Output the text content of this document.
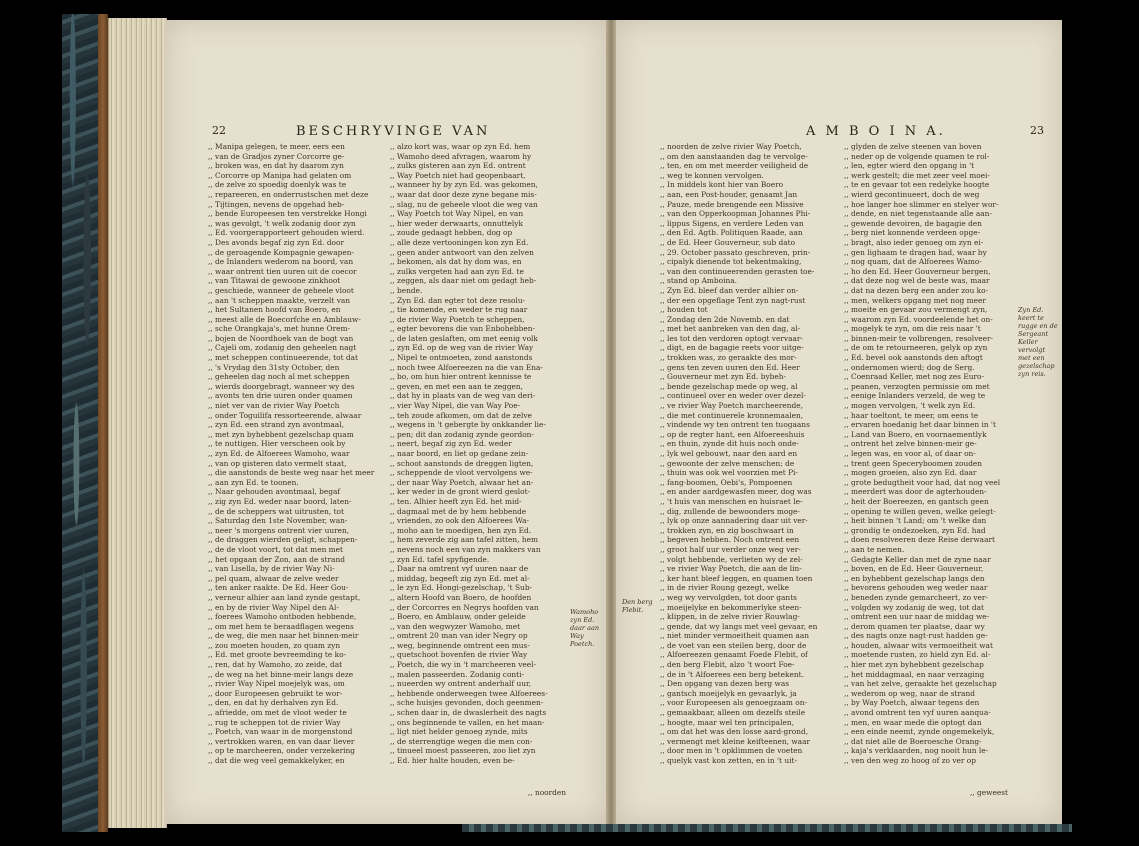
22	BESCHRYVINGE VAN

,, Manipa gelegen, te meer, eers een

,, van de Gradjos zyner Corcorre ge-

,, broken was, en dat hy daarom zyn

,, Corcorre op Manipa had gelaten om

,, de zelve zo spoedig doenlyk was te

,, repareeren, en onderrustschen met deze

,, Tijtingen, nevens de opgehad heb-

,, bende Europeesen ten verstrekke Hongi

,, was gevolgt, 't welk zodanig door zyn

,, Ed. voorgerapporteert gehouden wierd.

,, Des avonds begaf zig zyn Ed. door

,, de geroagende Kompagnie gewapen-

,, de Inlanders wederom na boord, van

,, waar ontrent tien uuren uit de coecor

,, van Titawai de gewoone zinkhoot

,, geschiede, wanneer de geheele vloot

,, aan 't scheppen maakte, verzelt van

,, het Sultanen hoofd van Boero, en

,, meest alle de Boecorfche en Amblauw-

,, sche Orangkaja's, met hunne Orem-

,, bojen de Noordhoek van de bogt van

,, Cajeli om, zodanig den geheelen nagt

,, met scheppen continueerende, tot dat

,, 's Vrydag den 31sty October, den

,, geheelen dag noch al met scheppen

,, wierds doorgebragt, wanneer wy des

,, avonts ten drie uuren onder quamen

,, niet ver van de rivier Way Poetch

,, onder Toguilifa ressorteerende, alwaar

,, zyn Ed. een strand zyn avontmaal,

,, met zyn byhebbent gezelschap quam

,, te nuttigen. Hier verscheen ook by

,, zyn Ed. de Alfoerees Wamoho, waar

,, van op gisteren dato vermelt staat,

,, die aanstonds de beste weg naar het meer

,, aan zyn Ed. te toonen.

,, Naar gehouden avontmaal, begaf

,, zig zyn Ed. weder naar boord, laten-

,, de de scheppers wat uitrusten, tot

,, Saturdag den 1ste November, wan-

,, neer 's morgens ontrent vier uuren,

,, de draggen wierden geligt, schappen-

,, de de vloot voort, tot dat men met

,, het opgaan der Zon, aan de strand

,, van Lisella, by de rivier Way Ni-

,, pel quam, alwaar de zelve weder

,, ten anker raakte. De Ed. Heer Gou-

,, verneur alhier aan land zynde gestapt,

,, en by de rivier Way Nipel den Al-

,, foerees Wamoho ontboden hebbende,

,, om met hem te beraadflagen wegens

,, de weg, die men naar het binnen-meir

,, zou moeten houden, zo quam zyn

,, Ed. met groote bevreemding te ko-

,, ren, dat hy Wamoho, zo zeide, dat

,, de weg na het binne-meir langs deze

,, rivier Way Nipel moejelyk was, om

,, door Europeesen gebruikt te wor-

,, den, en dat hy derhalven zyn Ed.

,, afriedde, om met de vloot weder te

,, rug te scheppen tot de rivier Way

,, Poetch, van waar in de morgenstond

,, vertrokken waren, en van daar liever

,, op te marcheeren, onder verzekering

,, dat die weg veel gemakkelyker, en

,, alzo kort was, waar op zyn Ed. hem

,, Wamoho deed afvragen, waarom hy

,, zulks gisteren aan zyn Ed. ontrent

,, Way Poetch niet had geopenbaart,

,, wanneer hy by zyn Ed. was gekomen,

,, waar dat door deze zyne begane mis-

,, slag, nu de geheele vloot die weg van

,, Way Poetch tot Way Nipel, en van

,, hier weder derwaarts, onnuttelyk

,, zoude gedaagt hebben, dog op

,, alle deze vertooningen kon zyn Ed.

,, geen ander antwoort van den zelven

,, bekomen, als dat hy dom was, en

,, zulks vergeten had aan zyn Ed. te

,, zeggen, als daar niet om gedagt heb-

,, bende.

,, Zyn Ed. dan egter tot deze resolu-

,, tie komende, en weder te rug naar

,, de rivier Way Poetch te scheppen,

,, egter bevorens die van Enbohebben-

,, de laten geslaften, om met eenig volk

,, zyn Ed. op de weg van de rivier Way

,, Nipel te ontmoeten, zond aanstonds

,, noch twee Alfoereezen na die van Ena-

,, bo, om hun hier ontrent kennisse te

,, geven, en met een aan te zeggen,

,, dat hy in plaats van de weg van deri-

,, vier Way Nipel, die van Way Poe-

,, teh zoude afkomen, om dat de zelve

,, wegens in 't gebergte by onkkander lie-

,, pen; dit dan zodanig zynde geordon-

,, neert, begaf zig zyn Ed. weder

,, naar boord, en liet op gedane zein-

,, schoot aanstonds de dreggen ligten,

,, scheppende de vloot vervolgens we-

,, der naar Way Poetch, alwaar het an-

,, ker weder in de gront wierd geslot-

,, ten. Alhier heeft zyn Ed. het mid-

,, dagmaal met de by hem hebbende

,, vrienden, zo ook den Alfoerees Wa-

,, moho aan te moedigen, hen zyn Ed.

,, hem zeverde zig aan tafel zitten, hem

,, nevens noch een van zyn makkers van

,, zyn Ed. tafel spyfigende.

,, Daar na omtrent vyf uuren naar de

,, middag, begeeft zig zyn Ed. met al-

,, le zyn Ed. Hongi-gezelschap, 't Sub-

,, altern Hoofd van Boero, de hoofden

,, der Corcorres en Negrys hoofden van

,, Boero, en Amblauw, onder geleide

,, van den wegwyzer Wamoho, met

,, omtrent 20 man van ider Negry op

,, weg, beginnende omtrent een mus-

,, quetschoot bovenfen de rivier Way

,, Poetch, die wy in 't marcheeren veel-

,, malen passeerden. Zodanig conti-

,, nueerden wy ontrent anderhalf uur,

,, hebbende onderweegen twee Alfoerees-

,, sche huisjes gevonden, doch geenmen-

,, schen daar in, de dwaslerheit des nagts

,, ons beginnende te vallen, en het maan-

,, ligt niet helder genoeg zynde, mits

,, de sterrengtige wegen die men con-

,, tinueel moest passeeren, zoo liet zyn

,, Ed. hier halte houden, even be-

,, noorden
Wamoho zyn Ed. daar aan Way Poetch.
23
A M B O I N A.

,, noorden de zelve rivier Way Poetch,

,, om den aanstaanden dag te vervolge-

,, ten, en om met meerder veiligheid de

,, weg te konnen vervolgen.

,, In middels kont hier van Boero

,, aan, een Post-houder, genaamt Jan

,, Pauze, mede brengende een Missive

,, van den Opperkoopman Johannes Phi-

,, lippus Sigens, en verdere Leden van

,, den Ed. Agtb. Politiquen Raade, aan

,, de Ed. Heer Gouverneur, sub dato

,, 29. October passato geschreven, prin-

,, cipalyk dienende tot bekentmaking,

,, van den continueerenden gerasten toe-

,, stand op Amboina.

,, Zyn Ed. bleef dan verder alhier on-

,, der een opgeflage Tent zyn nagt-rust

,, houden tot

,, Zondag den 2de Novemb. en dat

,, met het aanbreken van den dag, al-

,, les tot den verdoren optogt vervaar-

,, digt, en de bagagie reets voor uitge-

,, trokken was, zo geraakte des mor-

,, gens ten zeven uuren den Ed. Heer

,, Gouverneur met zyn Ed. bybeh-

,, bende gezelschap mede op weg, al

,, continueel over en weder over dezel-

,, ve rivier Way Poetch marcheerende,

,, die met continuerele kronnemaalen,

,, vindende wy ten ontrent ten tuogaans

,, op de regter hant, een Alfoereeshuis

,, en thuin, zynde dit huis noch onde-

,, lyk wel gebouwt, naar den aard en

,, gewoonte der zelve menschen; de

,, thuin was ook wel voorzien met Pi-

,, fang-boomen, Oebi's, Pompoenen

,, en ander aardgewasfen meer, dog was

,, 't huis van menschen en huisraet le-

,, dig, zullende de bewoonders moge-

,, lyk op onze aannadering daar uit ver-

,, trokken zyn, en zig boschwaart in

,, begeven hebben. Noch ontrent een

,, groot half uur verder onze weg ver-

,, volgt hebbende, verlieten wy de zel-

,, ve rivier Way Poetch, die aan de lin-

,, ker hant bleef leggen, en quamen toen

,, in de rivier Roung gezegt, welke

,, weg wy vervolgden, tot door gants

,, moeijelyke en bekommerlyke steen-

,, klippen, in de zelve rivier Rouwlag-

,, gende, dat wy langs met veel gevaar, en

,, niet minder vermoeitheit quamen aan

,, de voet van een steilen berg, door de

,, Alfoereezen genaamt Foede Flebit, of

,, den berg Flebit, alzo 't woort Foe-

,, de in 't Alfoerees een berg betekent.

,, Den opgang van dezen berg was

,, gantsch moeijelyk en gevaarlyk, ja

,, voor Europeesen als genoegzaam on-

,, gemaakbaar, alleen om dezelfs steile

,, hoogte, maar wel ten principalen,

,, om dat het was den losse aard-grond,

,, vermengt met kleine keifteenen, waar

,, door men in 't opklimmen de voeten

,, quelyk vast kon zetten, en in 't uit-

,, glyden de zelve steenen van boven

,, neder op de volgende quamen te rol-

,, len, egter wierd den opgang in 't

,, werk gestelt; die met zeer veel moei-

,, te en gevaar tot een redelyke hoogte

,, wierd gecontinueert, doch de weg

,, hoe langer hoe slimmer en stelyer wor-

,, dende, en niet tegenstaande alle aan-

,, gewende devoiren, de bagagie den

,, berg niet konnende verdeen opge-

,, bragt, also ieder genoeg om zyn ei-

,, gen lighaam te dragen had, waar by

,, nog quam, dat de Alfoerees Wamo-

,, ho den Ed. Heer Gouverneur bergen,

,, dat deze nog wel de beste was, maar

,, dat na dezen berg een ander zou ko-

,, men, welkers opgang met nog meer

,, moeite en gevaar zou vermengt zyn,

,, waarom zyn Ed. voordeelende het on-

,, mogelyk te zyn, om die reis naar 't

,, binnen-meir te volbrengen, resolveer-

,, de om te retourneeren, gelyk op zyn

,, Ed. bevel ook aanstonds den aftogt

,, ondernomen wierd; dog de Serg.

,, Coenraad Keller, met nog zes Euro-

,, peanen, verzogten permissie om met

,, eenige Inlanders verzeld, de weg te

,, mogen vervolgen, 't welk zyn Ed.

,, haar toeltont, te meer, om eens te

,, ervaren hoedanig het daar binnen in 't

,, Land van Boero, en voornaementlyk

,, ontrent het zelve binnen-meir ge-

,, legen was, en voor al, of daar on-

,, trent geen Speceryboomen zouden

,, mogen groeien, also zyn Ed. daar

,, grote bedugtheit voor had, dat nog veel

,, meerdert was door de agterhouden-

,, heit der Boereezen, en gantsch geen

,, opening te willen geven, welke gelegt-

,, heit binnen 't Land; om 't welke dan

,, grondig te ondezoeken, zyn Ed. had

,, doen resolveeren deze Reise derwaart

,, aan te nemen.

,, Gedagte Keller dan met de zyne naar

,, boven, en de Ed. Heer Gouverneur,

,, en byhebbent gezelschap langs den

,, bevorens gehouden weg weder naar

,, beneden zynde gemarcheert, zo ver-

,, volgden wy zodanig de weg, tot dat

,, omtrent een uur naar de middag we-

,, derom quamen ter plaatse, daar wy

,, des nagts onze nagt-rust hadden ge-

,, houden, alwaar wits vermoeitheit wat

,, moetende rusten, zo hield zyn Ed. al-

,, hier met zyn byhebbent gezelschap

,, het middagmaal, en naar verzaging

,, van het zelve, geraakte het gezelschap

,, wederom op weg, naar de strand

,, by Way Poetch, alwaar tegens den

,, avond omtrent ten vyf uuren aanqua-

,, men, en waar mede die optogt dan

,, een einde neemt, zynde ongemekelyk,

,, dat niet alle de Boeroesche Orang-

,, kaja's verklaarden, nog nooit hun le-

,, ven den weg zo hoog of zo ver op

,, geweest
Den berg Flebit.
Zyn Ed. keert te rugge en de Sergeant Keller vervolgt met een gezelschap zyn reis.
